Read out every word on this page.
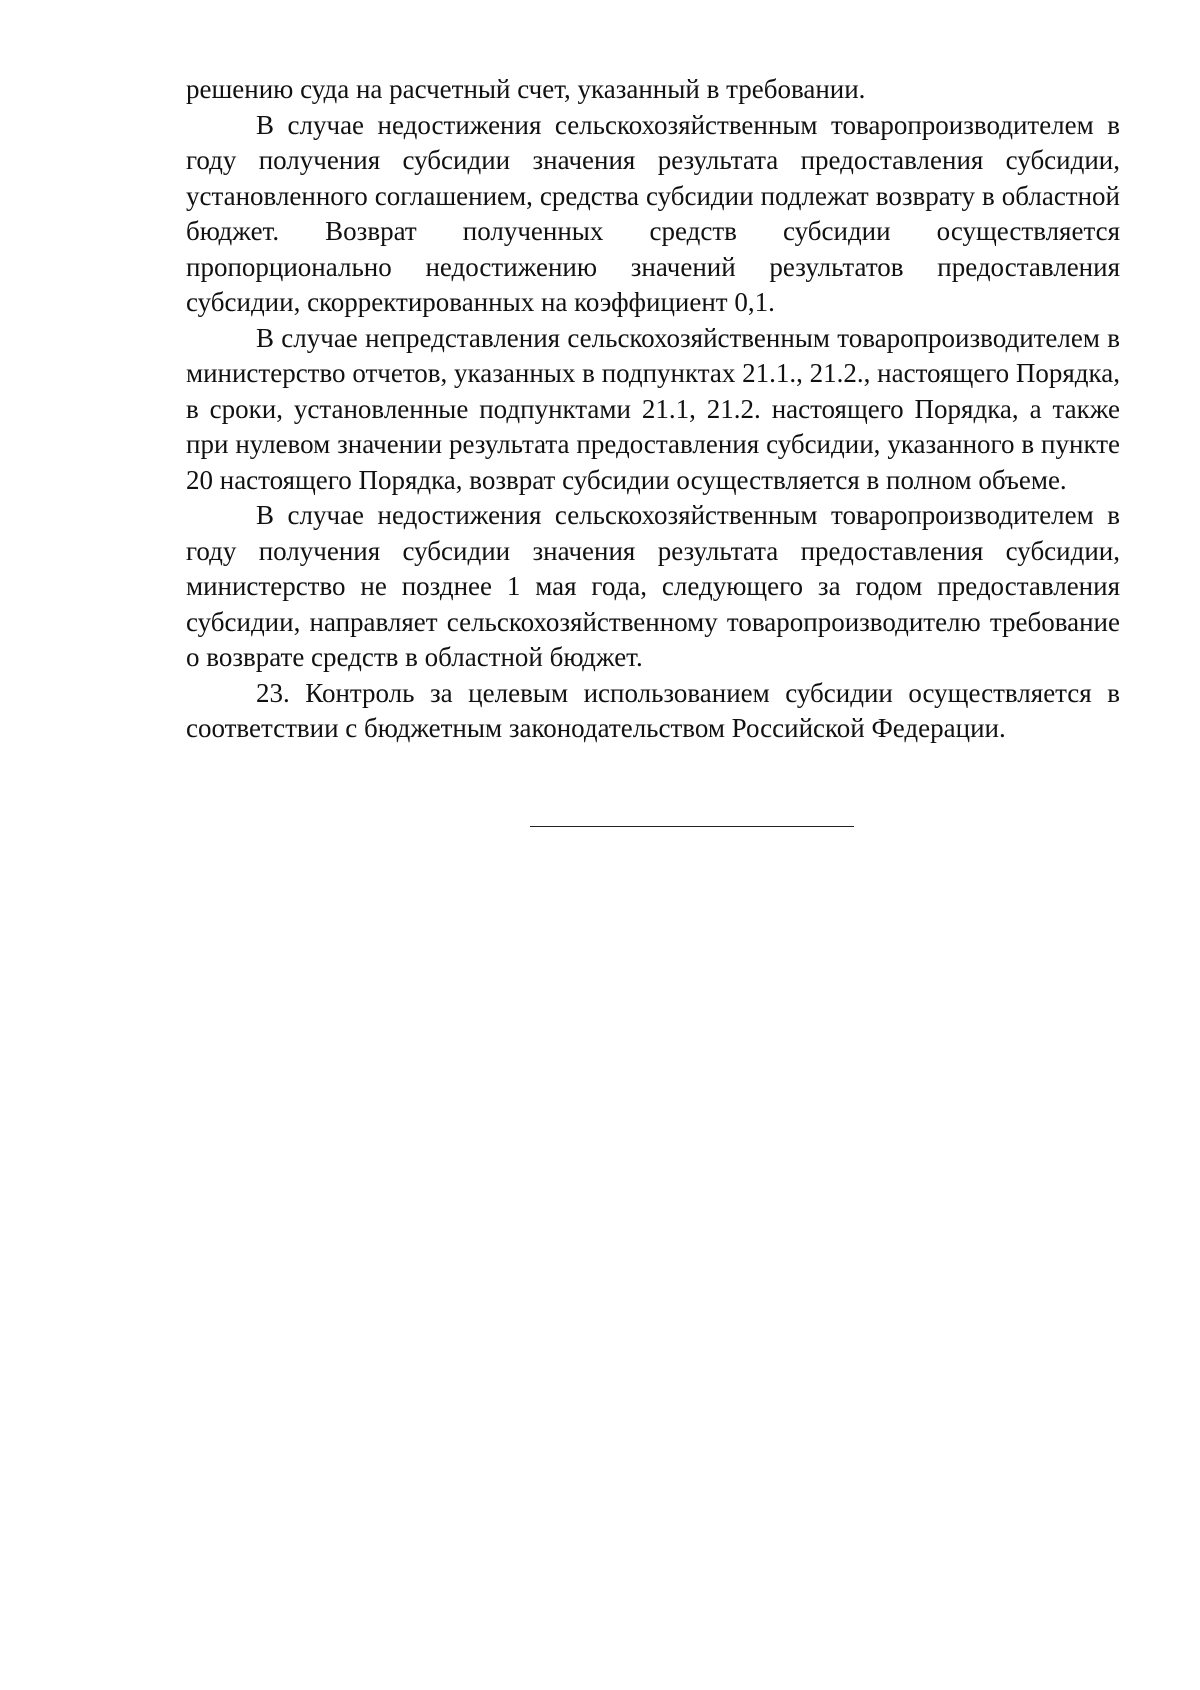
решению суда на расчетный счет, указанный в требовании.

В случае недостижения сельскохозяйственным товаропроизводителем в году получения субсидии значения результата предоставления субсидии, установленного соглашением, средства субсидии подлежат возврату в областной бюджет. Возврат полученных средств субсидии осуществляется пропорционально недостижению значений результатов предоставления субсидии, скорректированных на коэффициент 0,1.

В случае непредставления сельскохозяйственным товаропроизводителем в министерство отчетов, указанных в подпунктах 21.1., 21.2., настоящего Порядка, в сроки, установленные подпунктами 21.1, 21.2. настоящего Порядка, а также при нулевом значении результата предоставления субсидии, указанного в пункте 20 настоящего Порядка, возврат субсидии осуществляется в полном объеме.

В случае недостижения сельскохозяйственным товаропроизводителем в году получения субсидии значения результата предоставления субсидии, министерство не позднее 1 мая года, следующего за годом предоставления субсидии, направляет сельскохозяйственному товаропроизводителю требование о возврате средств в областной бюджет.

23. Контроль за целевым использованием субсидии осуществляется в соответствии с бюджетным законодательством Российской Федерации.
